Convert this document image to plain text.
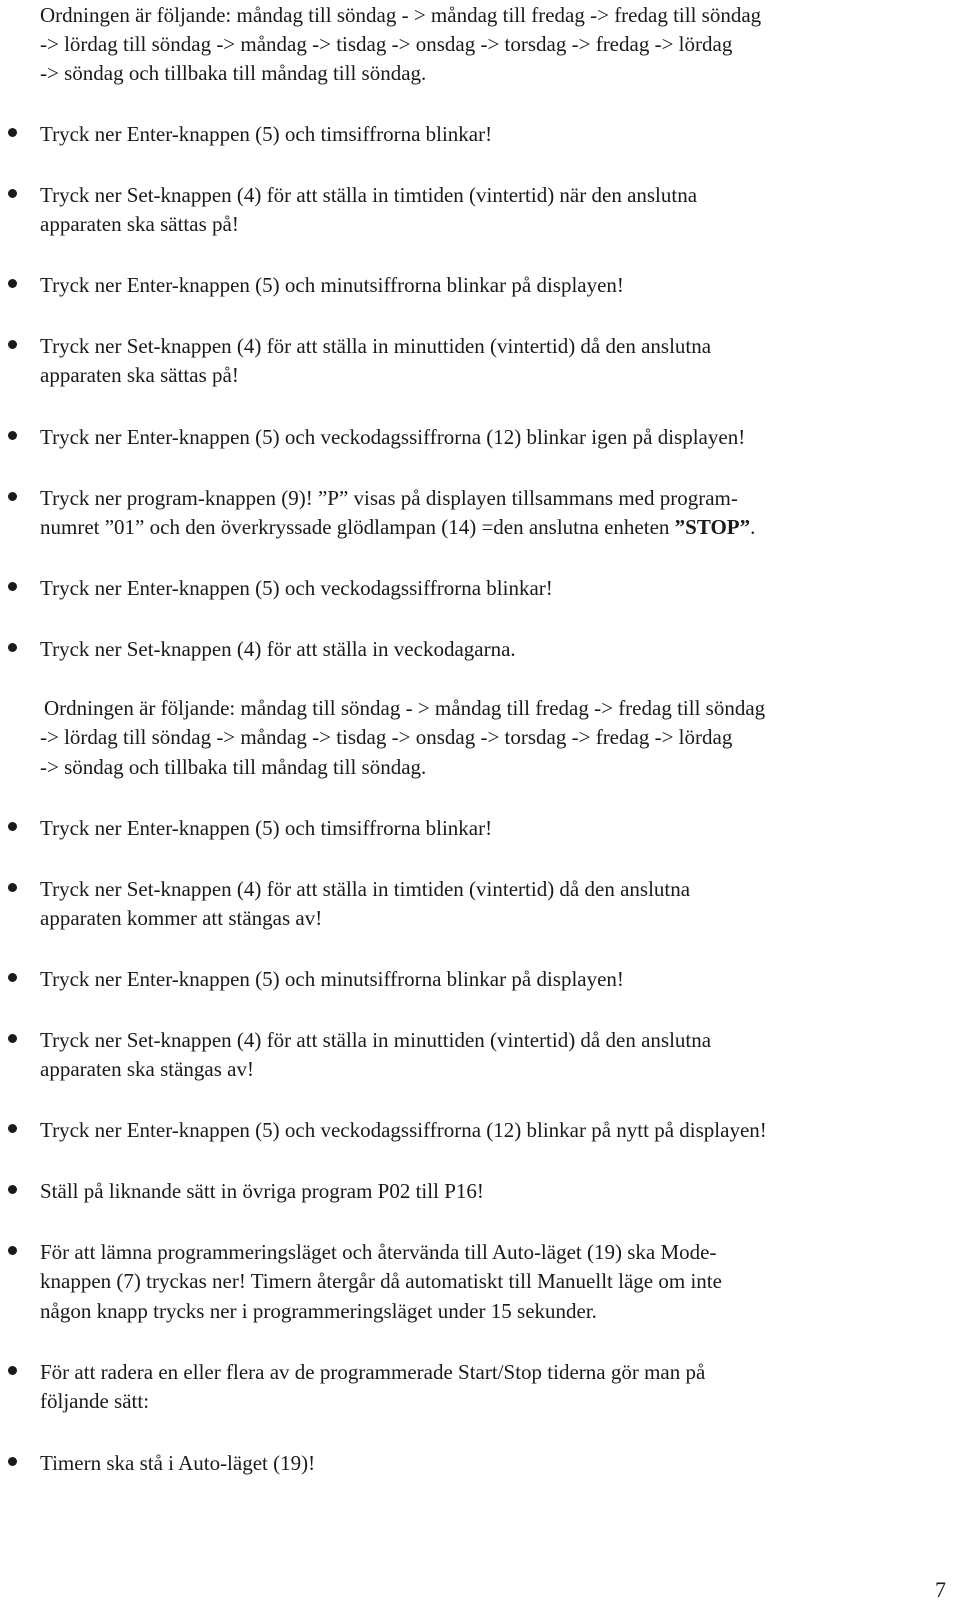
Ordningen är följande: måndag till söndag - > måndag till fredag -> fredag till söndag
-> lördag till söndag -> måndag -> tisdag -> onsdag -> torsdag -> fredag -> lördag
-> söndag och tillbaka till måndag till söndag.
Tryck ner Enter-knappen (5) och timsiffrorna blinkar!
Tryck ner Set-knappen (4) för att ställa in timtiden (vintertid) när den anslutna
apparaten ska sättas på!
Tryck ner Enter-knappen (5) och minutsiffrorna blinkar på displayen!
Tryck ner Set-knappen (4) för att ställa in minuttiden (vintertid) då den anslutna
apparaten ska sättas på!
Tryck ner Enter-knappen (5) och veckodagssiffrorna (12) blinkar igen på displayen!
Tryck ner program-knappen (9)! ”P” visas på displayen tillsammans med program-
numret ”01” och den överkryssade glödlampan (14) =den anslutna enheten ”STOP”.
Tryck ner Enter-knappen (5) och veckodagssiffrorna blinkar!
Tryck ner Set-knappen (4) för att ställa in veckodagarna.
Ordningen är följande: måndag till söndag - > måndag till fredag -> fredag till söndag
-> lördag till söndag -> måndag -> tisdag -> onsdag -> torsdag -> fredag -> lördag
-> söndag och tillbaka till måndag till söndag.
Tryck ner Enter-knappen (5) och timsiffrorna blinkar!
Tryck ner Set-knappen (4) för att ställa in timtiden (vintertid) då den anslutna
apparaten kommer att stängas av!
Tryck ner Enter-knappen (5) och minutsiffrorna blinkar på displayen!
Tryck ner Set-knappen (4) för att ställa in minuttiden (vintertid) då den anslutna
apparaten ska stängas av!
Tryck ner Enter-knappen (5) och veckodagssiffrorna (12) blinkar på nytt på displayen!
Ställ på liknande sätt in övriga program P02 till P16!
För att lämna programmeringsläget och återvända till Auto-läget (19) ska Mode-
knappen (7) tryckas ner! Timern återgår då automatiskt till Manuellt läge om inte
någon knapp trycks ner i programmeringsläget under 15 sekunder.
För att radera en eller flera av de programmerade Start/Stop tiderna gör man på
följande sätt:
Timern ska stå i Auto-läget (19)!
7
